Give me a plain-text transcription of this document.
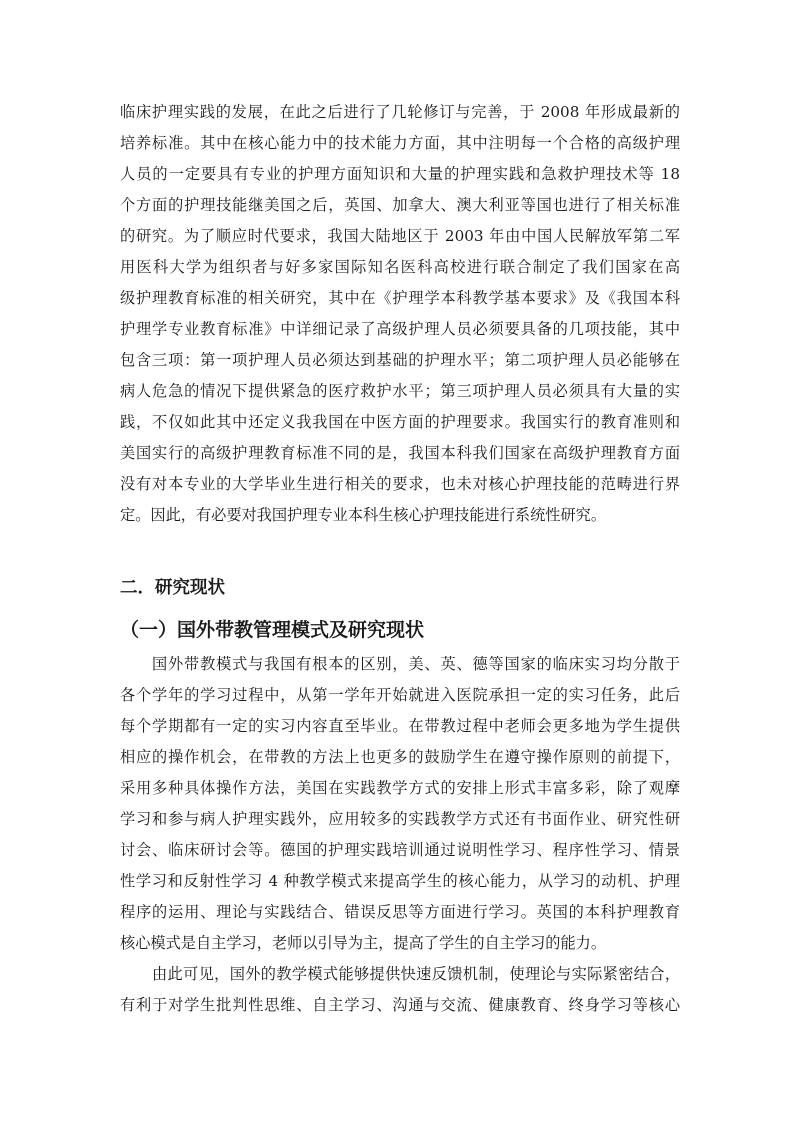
临床护理实践的发展，在此之后进行了几轮修订与完善，于 2008 年形成最新的
培养标准。其中在核心能力中的技术能力方面，其中注明每一个合格的高级护理
人员的一定要具有专业的护理方面知识和大量的护理实践和急救护理技术等 18
个方面的护理技能继美国之后，英国、加拿大、澳大利亚等国也进行了相关标准
的研究。为了顺应时代要求，我国大陆地区于 2003 年由中国人民解放军第二军
用医科大学为组织者与好多家国际知名医科高校进行联合制定了我们国家在高
级护理教育标准的相关研究，其中在《护理学本科教学基本要求》及《我国本科
护理学专业教育标准》中详细记录了高级护理人员必须要具备的几项技能，其中
包含三项：第一项护理人员必须达到基础的护理水平；第二项护理人员必能够在
病人危急的情况下提供紧急的医疗救护水平；第三项护理人员必须具有大量的实
践，不仅如此其中还定义我我国在中医方面的护理要求。我国实行的教育准则和
美国实行的高级护理教育标准不同的是，我国本科我们国家在高级护理教育方面
没有对本专业的大学毕业生进行相关的要求，也未对核心护理技能的范畴进行界
定。因此，有必要对我国护理专业本科生核心护理技能进行系统性研究。
二．研究现状
（一）国外带教管理模式及研究现状
国外带教模式与我国有根本的区别，美、英、德等国家的临床实习均分散于
各个学年的学习过程中，从第一学年开始就进入医院承担一定的实习任务，此后
每个学期都有一定的实习内容直至毕业。在带教过程中老师会更多地为学生提供
相应的操作机会，在带教的方法上也更多的鼓励学生在遵守操作原则的前提下，
采用多种具体操作方法，美国在实践教学方式的安排上形式丰富多彩，除了观摩
学习和参与病人护理实践外，应用较多的实践教学方式还有书面作业、研究性研
讨会、临床研讨会等。德国的护理实践培训通过说明性学习、程序性学习、情景
性学习和反射性学习 4 种教学模式来提高学生的核心能力，从学习的动机、护理
程序的运用、理论与实践结合、错误反思等方面进行学习。英国的本科护理教育
核心模式是自主学习，老师以引导为主，提高了学生的自主学习的能力。
由此可见，国外的教学模式能够提供快速反馈机制，使理论与实际紧密结合，
有利于对学生批判性思维、自主学习、沟通与交流、健康教育、终身学习等核心
